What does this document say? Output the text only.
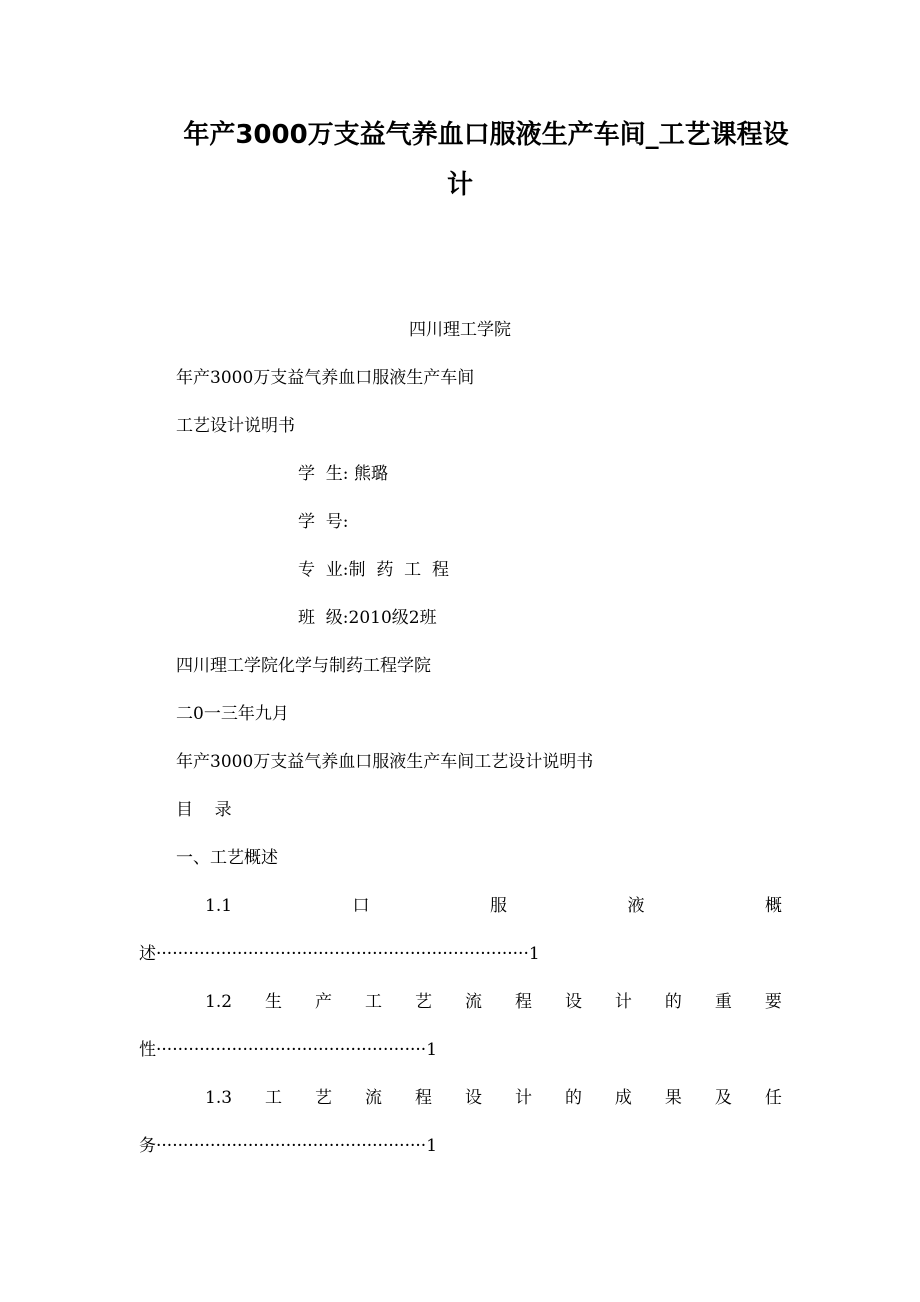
年产3000万支益气养血口服液生产车间_工艺课程设
计
四川理工学院
年产3000万支益气养血口服液生产车间
工艺设计说明书
学  生: 熊璐
学  号:
专  业:制  药  工  程
班  级:2010级2班
四川理工学院化学与制药工程学院
二0一三年九月
年产3000万支益气养血口服液生产车间工艺设计说明书
目    录
一、工艺概述
1.1	口	服	液	概
述·····································································1
1.2 生 产 工 艺 流 程 设 计 的 重 要
性··················································1
1.3 工 艺 流 程 设 计 的 成 果 及 任
务··················································1
